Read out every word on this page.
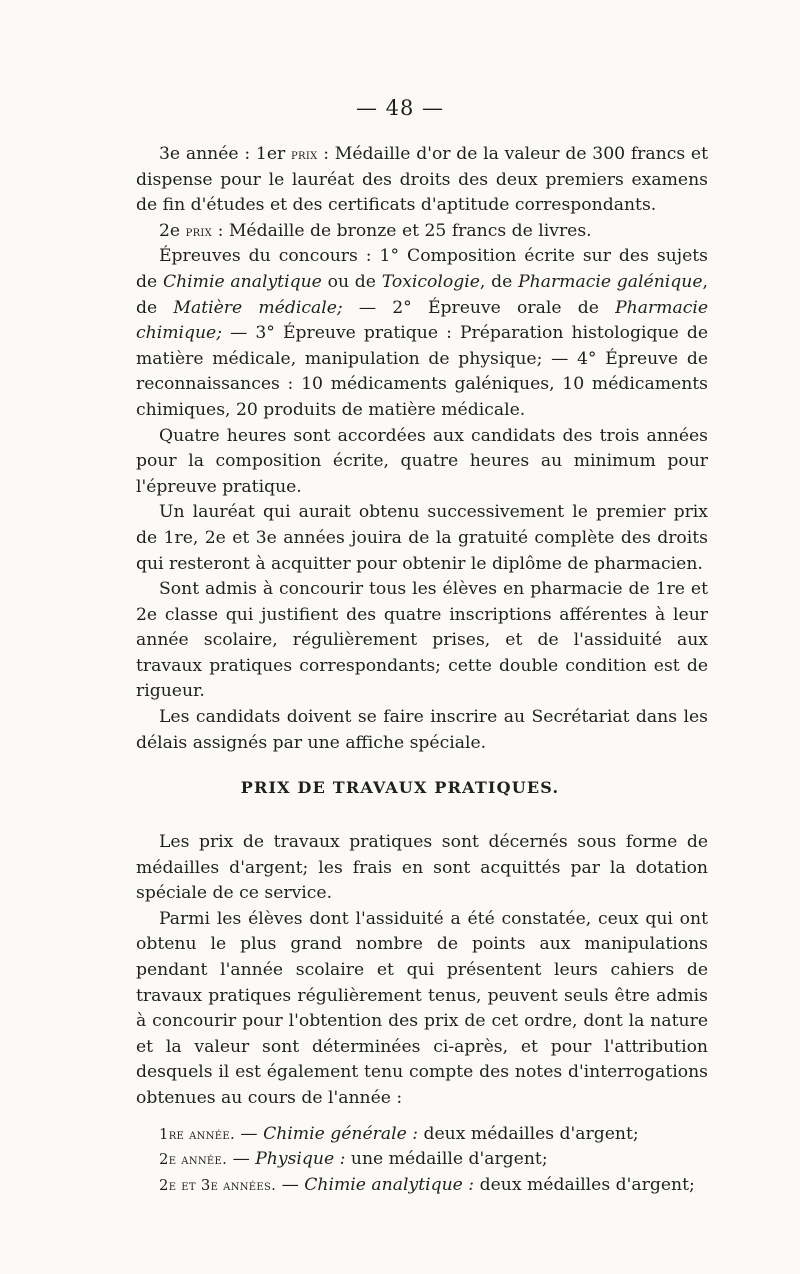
— 48 —

3e année : 1er prix : Médaille d'or de la valeur de 300 francs et dispense pour le lauréat des droits des deux premiers examens de fin d'études et des certificats d'aptitude correspondants.

2e prix : Médaille de bronze et 25 francs de livres.

Épreuves du concours : 1° Composition écrite sur des sujets de Chimie analytique ou de Toxicologie, de Pharmacie galénique, de Matière médicale; — 2° Épreuve orale de Pharmacie chimique; — 3° Épreuve pratique : Préparation histologique de matière médicale, manipulation de physique; — 4° Épreuve de reconnaissances : 10 médicaments galéniques, 10 médicaments chimiques, 20 produits de matière médicale.

Quatre heures sont accordées aux candidats des trois années pour la composition écrite, quatre heures au minimum pour l'épreuve pratique.

Un lauréat qui aurait obtenu successivement le premier prix de 1re, 2e et 3e années jouira de la gratuité complète des droits qui resteront à acquitter pour obtenir le diplôme de pharmacien.

Sont admis à concourir tous les élèves en pharmacie de 1re et 2e classe qui justifient des quatre inscriptions afférentes à leur année scolaire, régulièrement prises, et de l'assiduité aux travaux pratiques correspondants; cette double condition est de rigueur.

Les candidats doivent se faire inscrire au Secrétariat dans les délais assignés par une affiche spéciale.

PRIX DE TRAVAUX PRATIQUES.

Les prix de travaux pratiques sont décernés sous forme de médailles d'argent; les frais en sont acquittés par la dotation spéciale de ce service.

Parmi les élèves dont l'assiduité a été constatée, ceux qui ont obtenu le plus grand nombre de points aux manipulations pendant l'année scolaire et qui présentent leurs cahiers de travaux pratiques régulièrement tenus, peuvent seuls être admis à concourir pour l'obtention des prix de cet ordre, dont la nature et la valeur sont déterminées ci-après, et pour l'attribution desquels il est également tenu compte des notes d'interrogations obtenues au cours de l'année :

1re année. — Chimie générale : deux médailles d'argent;

2e année. — Physique : une médaille d'argent;

2e et 3e années. — Chimie analytique : deux médailles d'argent;
